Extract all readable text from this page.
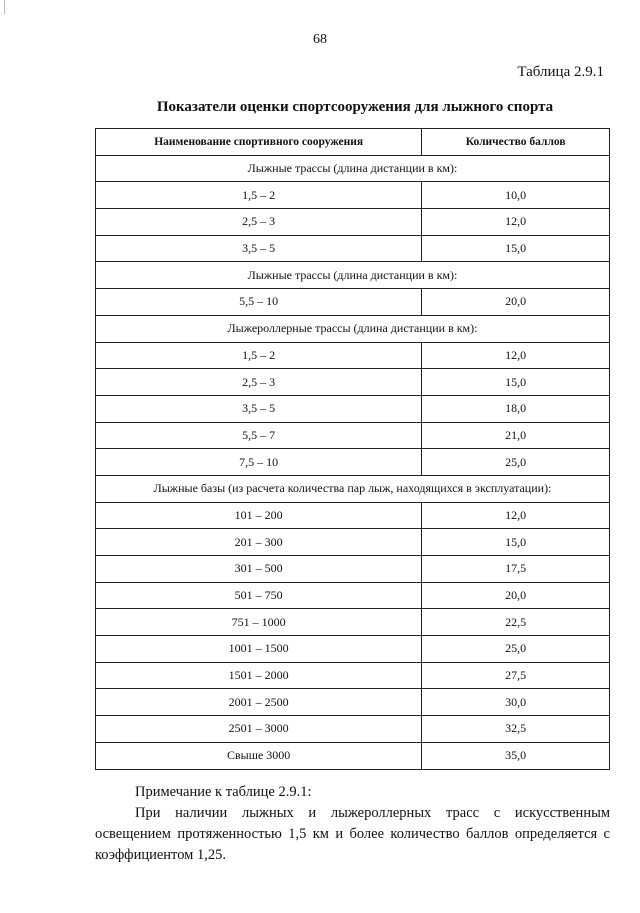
68
Таблица 2.9.1
Показатели оценки спортсооружения для лыжного спорта
Наименование спортивного сооружения	Количество баллов
Лыжные трассы (длина дистанции в км):	
1,5 – 2	10,0
2,5 – 3	12,0
3,5 – 5	15,0
Лыжные трассы (длина дистанции в км):	
5,5 – 10	20,0
Лыжероллерные трассы (длина дистанции в км):	
1,5 – 2	12,0
2,5 – 3	15,0
3,5 – 5	18,0
5,5 – 7	21,0
7,5 – 10	25,0
Лыжные базы (из расчета количества пар лыж, находящихся в эксплуатации):	
101 – 200	12,0
201 – 300	15,0
301 – 500	17,5
501 – 750	20,0
751 – 1000	22,5
1001 – 1500	25,0
1501 – 2000	27,5
2001 – 2500	30,0
2501 – 3000	32,5
Свыше 3000	35,0
Примечание к таблице 2.9.1:
При наличии лыжных и лыжероллерных трасс с искусственным освещением протяженностью 1,5 км и более количество баллов определяется с коэффициентом 1,25.
